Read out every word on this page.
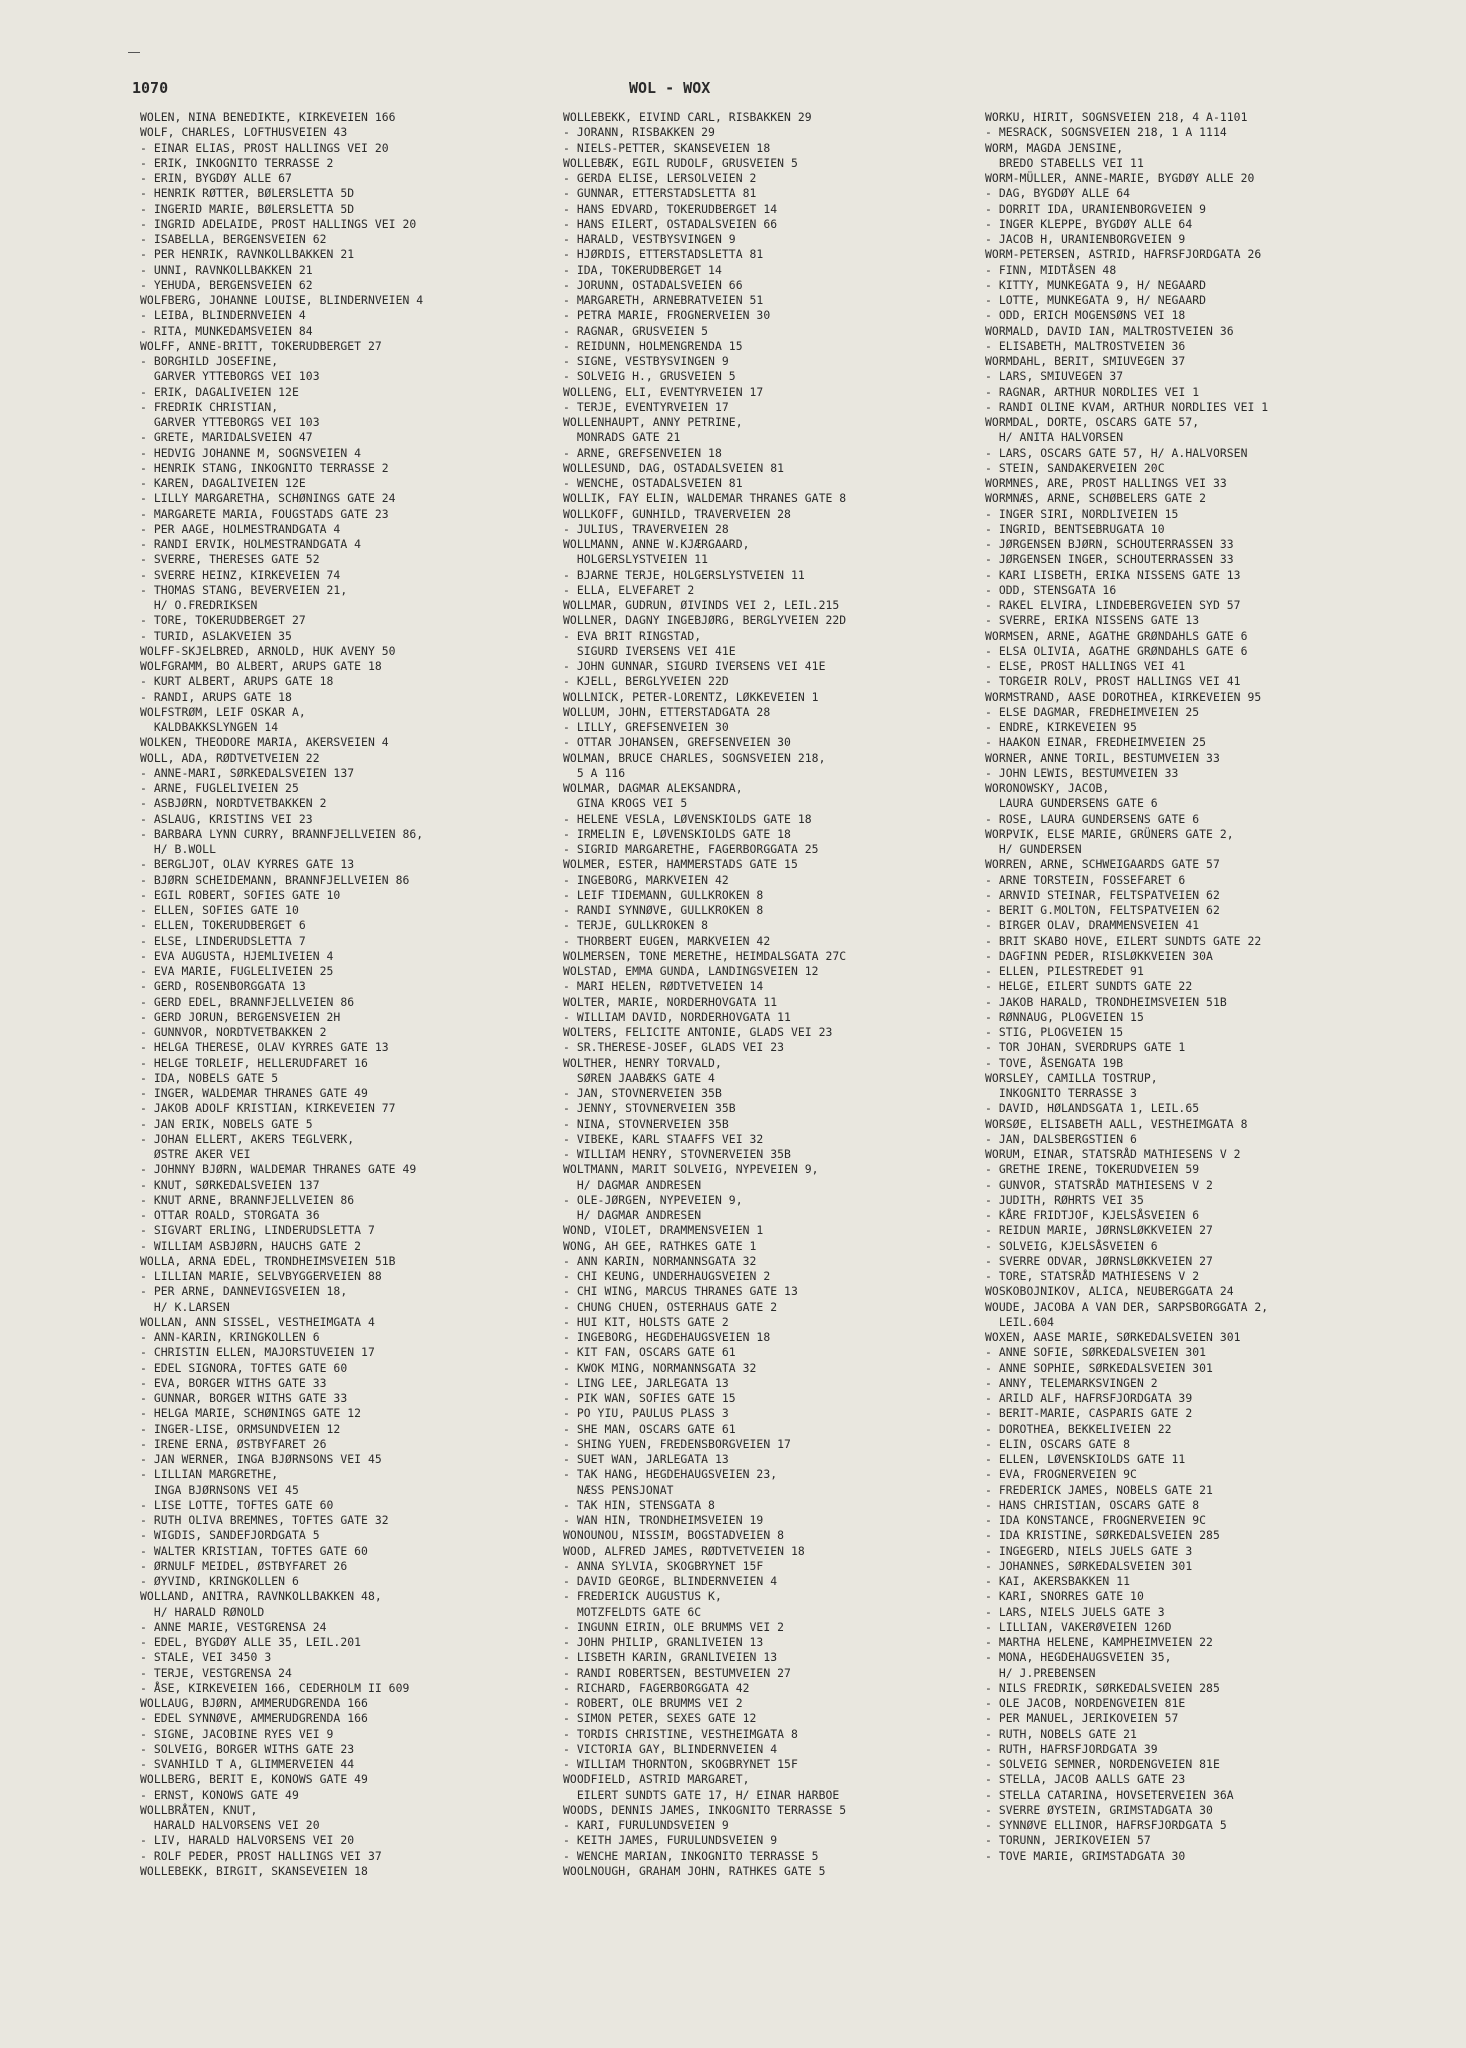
1070	WOL - WOX
WOLEN, NINA BENEDIKTE, KIRKEVEIEN 166
WOLF, CHARLES, LOFTHUSVEIEN 43
- EINAR ELIAS, PROST HALLINGS VEI 20
- ERIK, INKOGNITO TERRASSE 2
- ERIN, BYGDØY ALLE 67
- HENRIK RØTTER, BØLERSLETTA 5D
- INGERID MARIE, BØLERSLETTA 5D
- INGRID ADELAIDE, PROST HALLINGS VEI 20
- ISABELLA, BERGENSVEIEN 62
- PER HENRIK, RAVNKOLLBAKKEN 21
- UNNI, RAVNKOLLBAKKEN 21
- YEHUDA, BERGENSVEIEN 62
WOLFBERG, JOHANNE LOUISE, BLINDERNVEIEN 4
- LEIBA, BLINDERNVEIEN 4
- RITA, MUNKEDAMSVEIEN 84
WOLFF, ANNE-BRITT, TOKERUDBERGET 27
- BORGHILD JOSEFINE,
GARVER YTTEBORGS VEI 103
- ERIK, DAGALIVEIEN 12E
- FREDRIK CHRISTIAN,
GARVER YTTEBORGS VEI 103
- GRETE, MARIDALSVEIEN 47
- HEDVIG JOHANNE M, SOGNSVEIEN 4
- HENRIK STANG, INKOGNITO TERRASSE 2
- KAREN, DAGALIVEIEN 12E
- LILLY MARGARETHA, SCHØNINGS GATE 24
- MARGARETE MARIA, FOUGSTADS GATE 23
- PER AAGE, HOLMESTRANDGATA 4
- RANDI ERVIK, HOLMESTRANDGATA 4
- SVERRE, THERESES GATE 52
- SVERRE HEINZ, KIRKEVEIEN 74
- THOMAS STANG, BEVERVEIEN 21,
H/ O.FREDRIKSEN
- TORE, TOKERUDBERGET 27
- TURID, ASLAKVEIEN 35
WOLFF-SKJELBRED, ARNOLD, HUK AVENY 50
WOLFGRAMM, BO ALBERT, ARUPS GATE 18
- KURT ALBERT, ARUPS GATE 18
- RANDI, ARUPS GATE 18
WOLFSTRØM, LEIF OSKAR A,
KALDBAKKSLYNGEN 14
WOLKEN, THEODORE MARIA, AKERSVEIEN 4
WOLL, ADA, RØDTVETVEIEN 22
- ANNE-MARI, SØRKEDALSVEIEN 137
- ARNE, FUGLELIVEIEN 25
- ASBJØRN, NORDTVETBAKKEN 2
- ASLAUG, KRISTINS VEI 23
- BARBARA LYNN CURRY, BRANNFJELLVEIEN 86,
H/ B.WOLL
- BERGLJOT, OLAV KYRRES GATE 13
- BJØRN SCHEIDEMANN, BRANNFJELLVEIEN 86
- EGIL ROBERT, SOFIES GATE 10
- ELLEN, SOFIES GATE 10
- ELLEN, TOKERUDBERGET 6
- ELSE, LINDERUDSLETTA 7
- EVA AUGUSTA, HJEMLIVEIEN 4
- EVA MARIE, FUGLELIVEIEN 25
- GERD, ROSENBORGGATA 13
- GERD EDEL, BRANNFJELLVEIEN 86
- GERD JORUN, BERGENSVEIEN 2H
- GUNNVOR, NORDTVETBAKKEN 2
- HELGA THERESE, OLAV KYRRES GATE 13
- HELGE TORLEIF, HELLERUDFARET 16
- IDA, NOBELS GATE 5
- INGER, WALDEMAR THRANES GATE 49
- JAKOB ADOLF KRISTIAN, KIRKEVEIEN 77
- JAN ERIK, NOBELS GATE 5
- JOHAN ELLERT, AKERS TEGLVERK,
ØSTRE AKER VEI
- JOHNNY BJØRN, WALDEMAR THRANES GATE 49
- KNUT, SØRKEDALSVEIEN 137
- KNUT ARNE, BRANNFJELLVEIEN 86
- OTTAR ROALD, STORGATA 36
- SIGVART ERLING, LINDERUDSLETTA 7
- WILLIAM ASBJØRN, HAUCHS GATE 2
WOLLA, ARNA EDEL, TRONDHEIMSVEIEN 51B
- LILLIAN MARIE, SELVBYGGERVEIEN 88
- PER ARNE, DANNEVIGSVEIEN 18,
H/ K.LARSEN
WOLLAN, ANN SISSEL, VESTHEIMGATA 4
- ANN-KARIN, KRINGKOLLEN 6
- CHRISTIN ELLEN, MAJORSTUVEIEN 17
- EDEL SIGNORA, TOFTES GATE 60
- EVA, BORGER WITHS GATE 33
- GUNNAR, BORGER WITHS GATE 33
- HELGA MARIE, SCHØNINGS GATE 12
- INGER-LISE, ORMSUNDVEIEN 12
- IRENE ERNA, ØSTBYFARET 26
- JAN WERNER, INGA BJØRNSONS VEI 45
- LILLIAN MARGRETHE,
INGA BJØRNSONS VEI 45
- LISE LOTTE, TOFTES GATE 60
- RUTH OLIVA BREMNES, TOFTES GATE 32
- WIGDIS, SANDEFJORDGATA 5
- WALTER KRISTIAN, TOFTES GATE 60
- ØRNULF MEIDEL, ØSTBYFARET 26
- ØYVIND, KRINGKOLLEN 6
WOLLAND, ANITRA, RAVNKOLLBAKKEN 48,
H/ HARALD RØNOLD
- ANNE MARIE, VESTGRENSA 24
- EDEL, BYGDØY ALLE 35, LEIL.201
- STALE, VEI 3450 3
- TERJE, VESTGRENSA 24
- ÅSE, KIRKEVEIEN 166, CEDERHOLM II 609
WOLLAUG, BJØRN, AMMERUDGRENDA 166
- EDEL SYNNØVE, AMMERUDGRENDA 166
- SIGNE, JACOBINE RYES VEI 9
- SOLVEIG, BORGER WITHS GATE 23
- SVANHILD T A, GLIMMERVEIEN 44
WOLLBERG, BERIT E, KONOWS GATE 49
- ERNST, KONOWS GATE 49
WOLLBRÅTEN, KNUT,
HARALD HALVORSENS VEI 20
- LIV, HARALD HALVORSENS VEI 20
- ROLF PEDER, PROST HALLINGS VEI 37
WOLLEBEKK, BIRGIT, SKANSEVEIEN 18
WOLLEBEKK, EIVIND CARL, RISBAKKEN 29
- JORANN, RISBAKKEN 29
- NIELS-PETTER, SKANSEVEIEN 18
WOLLEBÆK, EGIL RUDOLF, GRUSVEIEN 5
- GERDA ELISE, LERSOLVEIEN 2
- GUNNAR, ETTERSTADSLETTA 81
- HANS EDVARD, TOKERUDBERGET 14
- HANS EILERT, OSTADALSVEIEN 66
- HARALD, VESTBYSVINGEN 9
- HJØRDIS, ETTERSTADSLETTA 81
- IDA, TOKERUDBERGET 14
- JORUNN, OSTADALSVEIEN 66
- MARGARETH, ARNEBRATVEIEN 51
- PETRA MARIE, FROGNERVEIEN 30
- RAGNAR, GRUSVEIEN 5
- REIDUNN, HOLMENGRENDA 15
- SIGNE, VESTBYSVINGEN 9
- SOLVEIG H., GRUSVEIEN 5
WOLLENG, ELI, EVENTYRVEIEN 17
- TERJE, EVENTYRVEIEN 17
WOLLENHAUPT, ANNY PETRINE,
MONRADS GATE 21
- ARNE, GREFSENVEIEN 18
WOLLESUND, DAG, OSTADALSVEIEN 81
- WENCHE, OSTADALSVEIEN 81
WOLLIK, FAY ELIN, WALDEMAR THRANES GATE 8
WOLLKOFF, GUNHILD, TRAVERVEIEN 28
- JULIUS, TRAVERVEIEN 28
WOLLMANN, ANNE W.KJÆRGAARD,
HOLGERSLYSTVEIEN 11
- BJARNE TERJE, HOLGERSLYSTVEIEN 11
- ELLA, ELVEFARET 2
WOLLMAR, GUDRUN, ØIVINDS VEI 2, LEIL.215
WOLLNER, DAGNY INGEBJØRG, BERGLYVEIEN 22D
- EVA BRIT RINGSTAD,
SIGURD IVERSENS VEI 41E
- JOHN GUNNAR, SIGURD IVERSENS VEI 41E
- KJELL, BERGLYVEIEN 22D
WOLLNICK, PETER-LORENTZ, LØKKEVEIEN 1
WOLLUM, JOHN, ETTERSTADGATA 28
- LILLY, GREFSENVEIEN 30
- OTTAR JOHANSEN, GREFSENVEIEN 30
WOLMAN, BRUCE CHARLES, SOGNSVEIEN 218,
5 A 116
WOLMAR, DAGMAR ALEKSANDRA,
GINA KROGS VEI 5
- HELENE VESLA, LØVENSKIOLDS GATE 18
- IRMELIN E, LØVENSKIOLDS GATE 18
- SIGRID MARGARETHE, FAGERBORGGATA 25
WOLMER, ESTER, HAMMERSTADS GATE 15
- INGEBORG, MARKVEIEN 42
- LEIF TIDEMANN, GULLKROKEN 8
- RANDI SYNNØVE, GULLKROKEN 8
- TERJE, GULLKROKEN 8
- THORBERT EUGEN, MARKVEIEN 42
WOLMERSEN, TONE MERETHE, HEIMDALSGATA 27C
WOLSTAD, EMMA GUNDA, LANDINGSVEIEN 12
- MARI HELEN, RØDTVETVEIEN 14
WOLTER, MARIE, NORDERHOVGATA 11
- WILLIAM DAVID, NORDERHOVGATA 11
WOLTERS, FELICITE ANTONIE, GLADS VEI 23
- SR.THERESE-JOSEF, GLADS VEI 23
WOLTHER, HENRY TORVALD,
SØREN JAABÆKS GATE 4
- JAN, STOVNERVEIEN 35B
- JENNY, STOVNERVEIEN 35B
- NINA, STOVNERVEIEN 35B
- VIBEKE, KARL STAAFFS VEI 32
- WILLIAM HENRY, STOVNERVEIEN 35B
WOLTMANN, MARIT SOLVEIG, NYPEVEIEN 9,
H/ DAGMAR ANDRESEN
- OLE-JØRGEN, NYPEVEIEN 9,
H/ DAGMAR ANDRESEN
WOND, VIOLET, DRAMMENSVEIEN 1
WONG, AH GEE, RATHKES GATE 1
- ANN KARIN, NORMANNSGATA 32
- CHI KEUNG, UNDERHAUGSVEIEN 2
- CHI WING, MARCUS THRANES GATE 13
- CHUNG CHUEN, OSTERHAUS GATE 2
- HUI KIT, HOLSTS GATE 2
- INGEBORG, HEGDEHAUGSVEIEN 18
- KIT FAN, OSCARS GATE 61
- KWOK MING, NORMANNSGATA 32
- LING LEE, JARLEGATA 13
- PIK WAN, SOFIES GATE 15
- PO YIU, PAULUS PLASS 3
- SHE MAN, OSCARS GATE 61
- SHING YUEN, FREDENSBORGVEIEN 17
- SUET WAN, JARLEGATA 13
- TAK HANG, HEGDEHAUGSVEIEN 23,
NÆSS PENSJONAT
- TAK HIN, STENSGATA 8
- WAN HIN, TRONDHEIMSVEIEN 19
WONOUNOU, NISSIM, BOGSTADVEIEN 8
WOOD, ALFRED JAMES, RØDTVETVEIEN 18
- ANNA SYLVIA, SKOGBRYNET 15F
- DAVID GEORGE, BLINDERNVEIEN 4
- FREDERICK AUGUSTUS K,
MOTZFELDTS GATE 6C
- INGUNN EIRIN, OLE BRUMMS VEI 2
- JOHN PHILIP, GRANLIVEIEN 13
- LISBETH KARIN, GRANLIVEIEN 13
- RANDI ROBERTSEN, BESTUMVEIEN 27
- RICHARD, FAGERBORGGATA 42
- ROBERT, OLE BRUMMS VEI 2
- SIMON PETER, SEXES GATE 12
- TORDIS CHRISTINE, VESTHEIMGATA 8
- VICTORIA GAY, BLINDERNVEIEN 4
- WILLIAM THORNTON, SKOGBRYNET 15F
WOODFIELD, ASTRID MARGARET,
EILERT SUNDTS GATE 17, H/ EINAR HARBOE
WOODS, DENNIS JAMES, INKOGNITO TERRASSE 5
- KARI, FURULUNDSVEIEN 9
- KEITH JAMES, FURULUNDSVEIEN 9
- WENCHE MARIAN, INKOGNITO TERRASSE 5
WOOLNOUGH, GRAHAM JOHN, RATHKES GATE 5
WORKU, HIRIT, SOGNSVEIEN 218, 4 A-1101
- MESRACK, SOGNSVEIEN 218, 1 A 1114
WORM, MAGDA JENSINE,
BREDO STABELLS VEI 11
WORM-MÜLLER, ANNE-MARIE, BYGDØY ALLE 20
- DAG, BYGDØY ALLE 64
- DORRIT IDA, URANIENBORGVEIEN 9
- INGER KLEPPE, BYGDØY ALLE 64
- JACOB H, URANIENBORGVEIEN 9
WORM-PETERSEN, ASTRID, HAFRSFJORDGATA 26
- FINN, MIDTÅSEN 48
- KITTY, MUNKEGATA 9, H/ NEGAARD
- LOTTE, MUNKEGATA 9, H/ NEGAARD
- ODD, ERICH MOGENSØNS VEI 18
WORMALD, DAVID IAN, MALTROSTVEIEN 36
- ELISABETH, MALTROSTVEIEN 36
WORMDAHL, BERIT, SMIUVEGEN 37
- LARS, SMIUVEGEN 37
- RAGNAR, ARTHUR NORDLIES VEI 1
- RANDI OLINE KVAM, ARTHUR NORDLIES VEI 1
WORMDAL, DORTE, OSCARS GATE 57,
H/ ANITA HALVORSEN
- LARS, OSCARS GATE 57, H/ A.HALVORSEN
- STEIN, SANDAKERVEIEN 20C
WORMNES, ARE, PROST HALLINGS VEI 33
WORMNÆS, ARNE, SCHØBELERS GATE 2
- INGER SIRI, NORDLIVEIEN 15
- INGRID, BENTSEBRUGATA 10
- JØRGENSEN BJØRN, SCHOUTERRASSEN 33
- JØRGENSEN INGER, SCHOUTERRASSEN 33
- KARI LISBETH, ERIKA NISSENS GATE 13
- ODD, STENSGATA 16
- RAKEL ELVIRA, LINDEBERGVEIEN SYD 57
- SVERRE, ERIKA NISSENS GATE 13
WORMSEN, ARNE, AGATHE GRØNDAHLS GATE 6
- ELSA OLIVIA, AGATHE GRØNDAHLS GATE 6
- ELSE, PROST HALLINGS VEI 41
- TORGEIR ROLV, PROST HALLINGS VEI 41
WORMSTRAND, AASE DOROTHEA, KIRKEVEIEN 95
- ELSE DAGMAR, FREDHEIMVEIEN 25
- ENDRE, KIRKEVEIEN 95
- HAAKON EINAR, FREDHEIMVEIEN 25
WORNER, ANNE TORIL, BESTUMVEIEN 33
- JOHN LEWIS, BESTUMVEIEN 33
WORONOWSKY, JACOB,
LAURA GUNDERSENS GATE 6
- ROSE, LAURA GUNDERSENS GATE 6
WORPVIK, ELSE MARIE, GRÜNERS GATE 2,
H/ GUNDERSEN
WORREN, ARNE, SCHWEIGAARDS GATE 57
- ARNE TORSTEIN, FOSSEFARET 6
- ARNVID STEINAR, FELTSPATVEIEN 62
- BERIT G.MOLTON, FELTSPATVEIEN 62
- BIRGER OLAV, DRAMMENSVEIEN 41
- BRIT SKABO HOVE, EILERT SUNDTS GATE 22
- DAGFINN PEDER, RISLØKKVEIEN 30A
- ELLEN, PILESTREDET 91
- HELGE, EILERT SUNDTS GATE 22
- JAKOB HARALD, TRONDHEIMSVEIEN 51B
- RØNNAUG, PLOGVEIEN 15
- STIG, PLOGVEIEN 15
- TOR JOHAN, SVERDRUPS GATE 1
- TOVE, ÅSENGATA 19B
WORSLEY, CAMILLA TOSTRUP,
INKOGNITO TERRASSE 3
- DAVID, HØLANDSGATA 1, LEIL.65
WORSØE, ELISABETH AALL, VESTHEIMGATA 8
- JAN, DALSBERGSTIEN 6
WORUM, EINAR, STATSRÅD MATHIESENS V 2
- GRETHE IRENE, TOKERUDVEIEN 59
- GUNVOR, STATSRÅD MATHIESENS V 2
- JUDITH, RØHRTS VEI 35
- KÅRE FRIDTJOF, KJELSÅSVEIEN 6
- REIDUN MARIE, JØRNSLØKKVEIEN 27
- SOLVEIG, KJELSÅSVEIEN 6
- SVERRE ODVAR, JØRNSLØKKVEIEN 27
- TORE, STATSRÅD MATHIESENS V 2
WOSKOBOJNIKOV, ALICA, NEUBERGGATA 24
WOUDE, JACOBA A VAN DER, SARPSBORGGATA 2,
LEIL.604
WOXEN, AASE MARIE, SØRKEDALSVEIEN 301
- ANNE SOFIE, SØRKEDALSVEIEN 301
- ANNE SOPHIE, SØRKEDALSVEIEN 301
- ANNY, TELEMARKSVINGEN 2
- ARILD ALF, HAFRSFJORDGATA 39
- BERIT-MARIE, CASPARIS GATE 2
- DOROTHEA, BEKKELIVEIEN 22
- ELIN, OSCARS GATE 8
- ELLEN, LØVENSKIOLDS GATE 11
- EVA, FROGNERVEIEN 9C
- FREDERICK JAMES, NOBELS GATE 21
- HANS CHRISTIAN, OSCARS GATE 8
- IDA KONSTANCE, FROGNERVEIEN 9C
- IDA KRISTINE, SØRKEDALSVEIEN 285
- INGEGERD, NIELS JUELS GATE 3
- JOHANNES, SØRKEDALSVEIEN 301
- KAI, AKERSBAKKEN 11
- KARI, SNORRES GATE 10
- LARS, NIELS JUELS GATE 3
- LILLIAN, VAKERØVEIEN 126D
- MARTHA HELENE, KAMPHEIMVEIEN 22
- MONA, HEGDEHAUGSVEIEN 35,
H/ J.PREBENSEN
- NILS FREDRIK, SØRKEDALSVEIEN 285
- OLE JACOB, NORDENGVEIEN 81E
- PER MANUEL, JERIKOVEIEN 57
- RUTH, NOBELS GATE 21
- RUTH, HAFRSFJORDGATA 39
- SOLVEIG SEMNER, NORDENGVEIEN 81E
- STELLA, JACOB AALLS GATE 23
- STELLA CATARINA, HOVSETERVEIEN 36A
- SVERRE ØYSTEIN, GRIMSTADGATA 30
- SYNNØVE ELLINOR, HAFRSFJORDGATA 5
- TORUNN, JERIKOVEIEN 57
- TOVE MARIE, GRIMSTADGATA 30
